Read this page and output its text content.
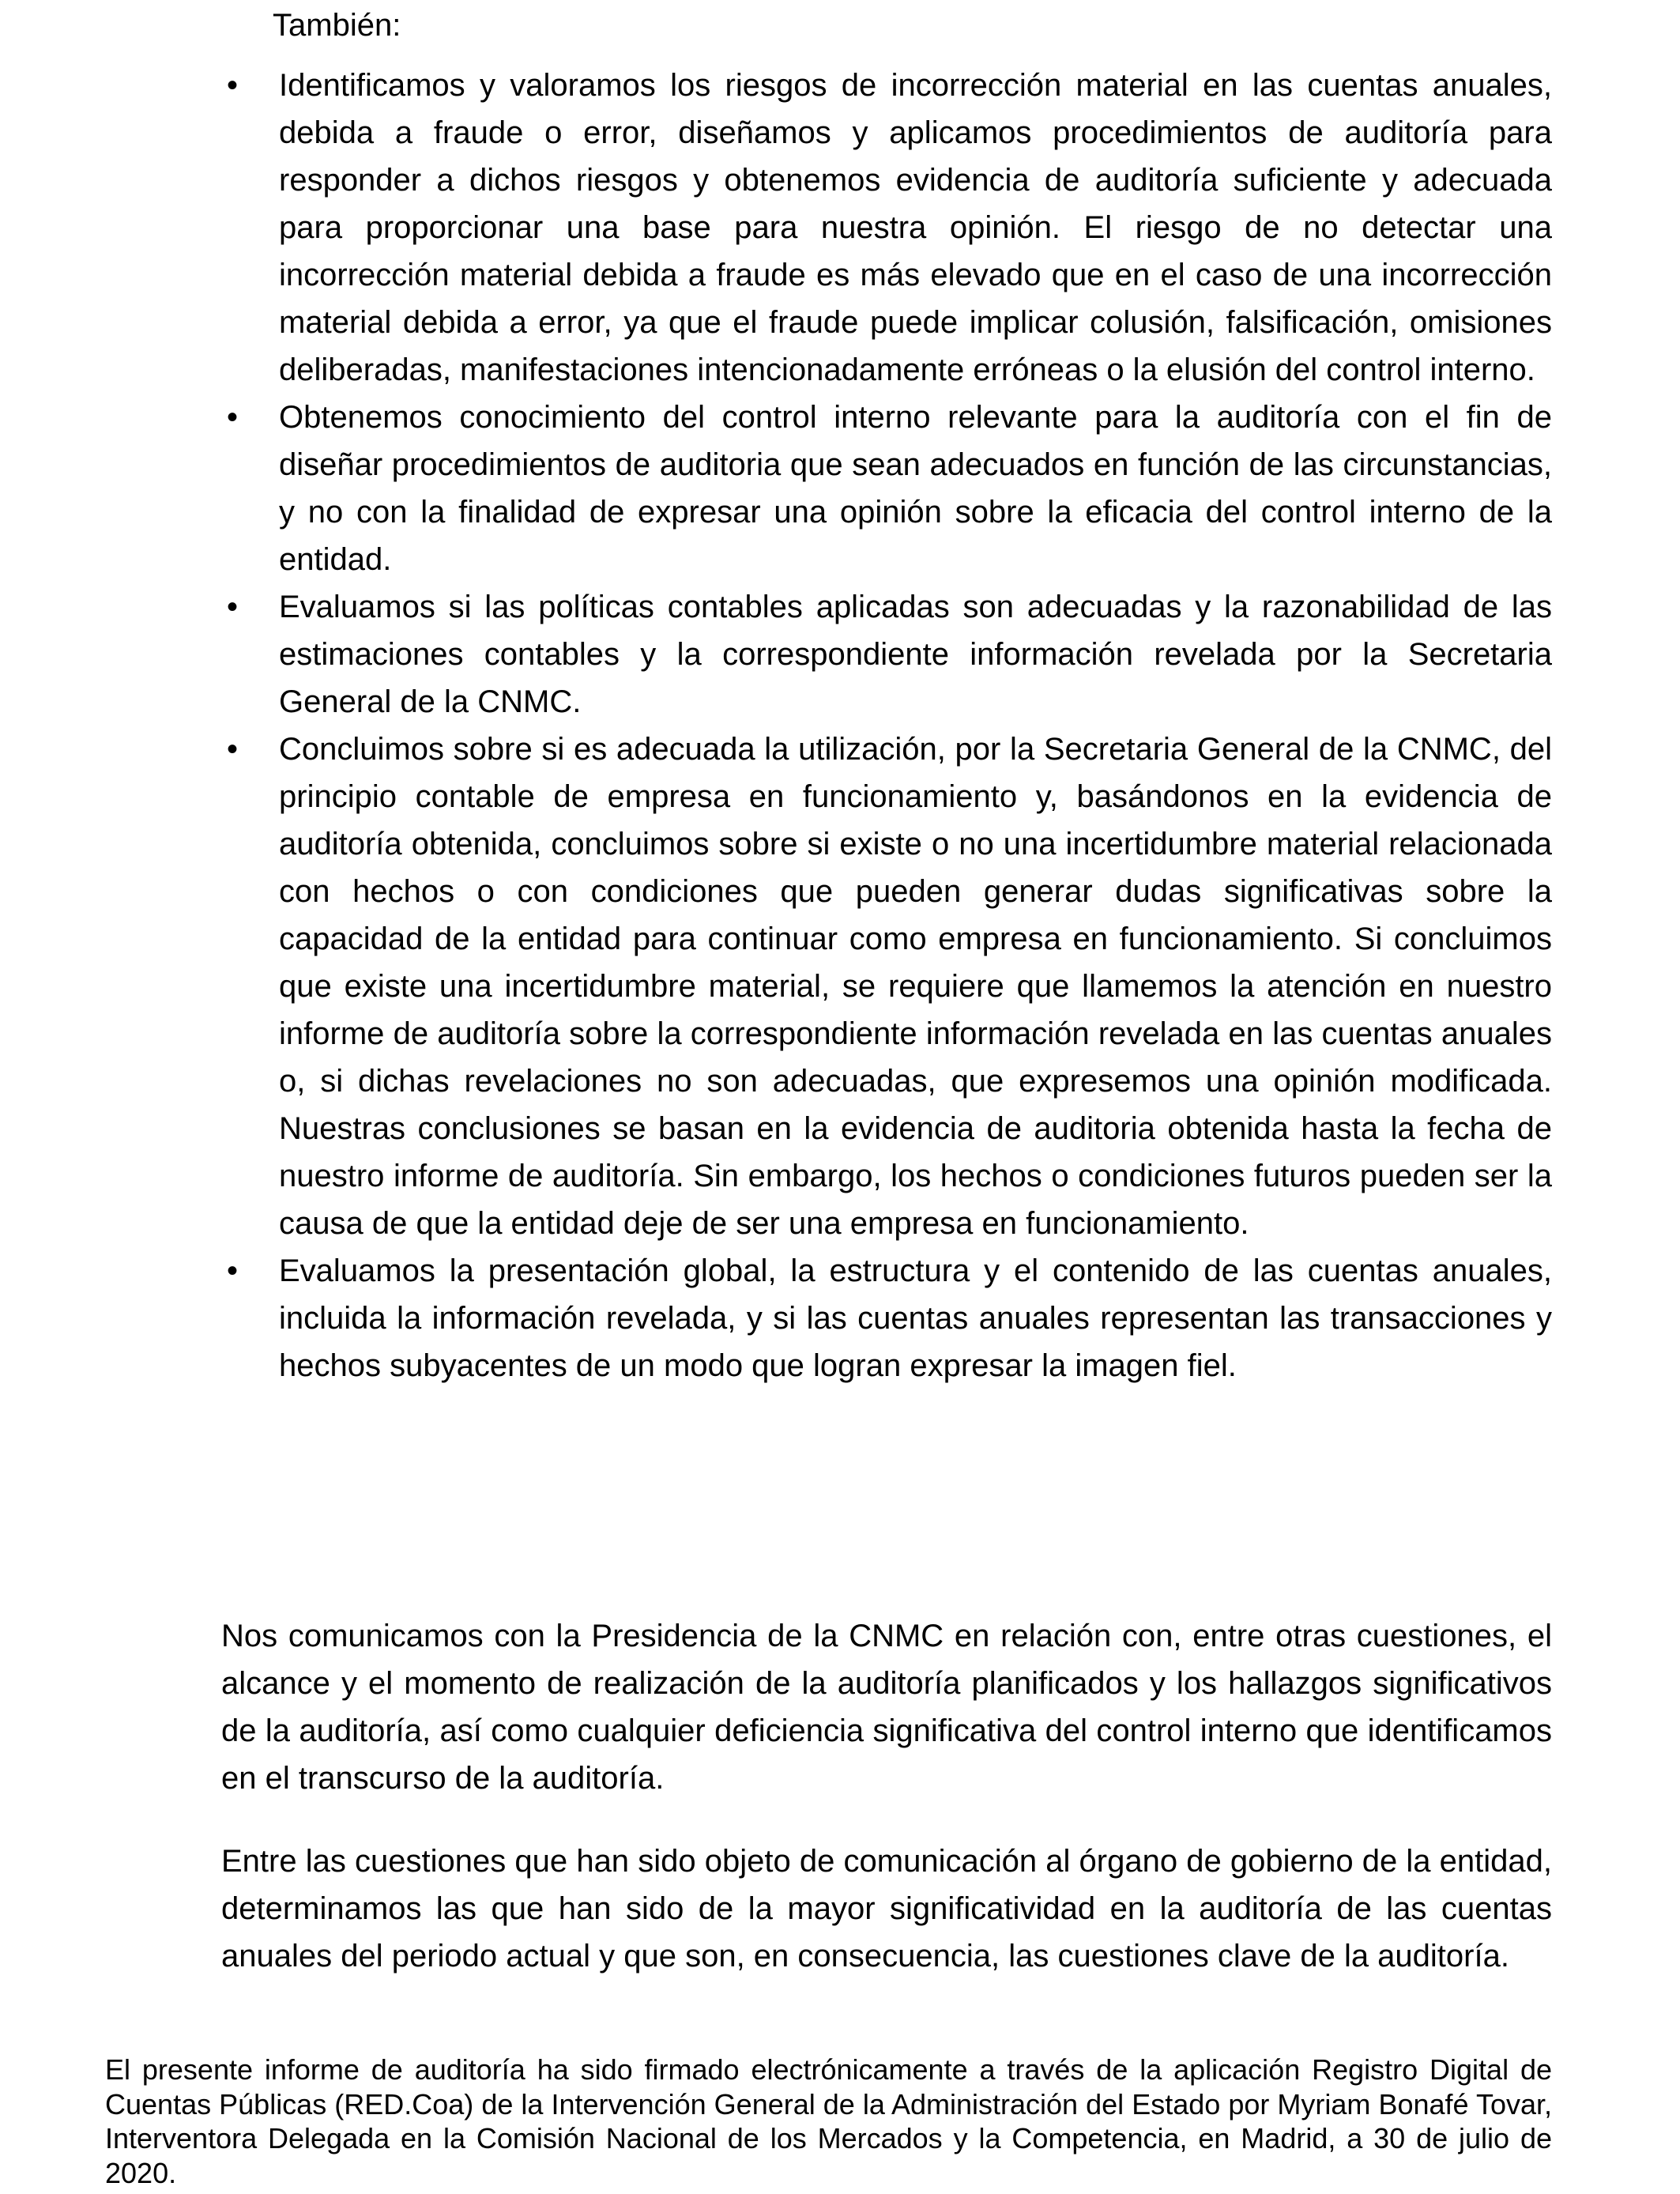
También:

•	Identificamos y valoramos los riesgos de incorrección material en las cuentas anuales, debida a fraude o error, diseñamos y aplicamos procedimientos de auditoría para responder a dichos riesgos y obtenemos evidencia de auditoría suficiente y adecuada para proporcionar una base para nuestra opinión. El riesgo de no detectar una incorrección material debida a fraude es más elevado que en el caso de una incorrección material debida a error, ya que el fraude puede implicar colusión, falsificación, omisiones deliberadas, manifestaciones intencionadamente erróneas o la elusión del control interno.
•	Obtenemos conocimiento del control interno relevante para la auditoría con el fin de diseñar procedimientos de auditoria que sean adecuados en función de las circunstancias, y no con la finalidad de expresar una opinión sobre la eficacia del control interno de la entidad.
•	Evaluamos si las políticas contables aplicadas son adecuadas y la razonabilidad de las estimaciones contables y la correspondiente información revelada por la Secretaria General de la CNMC.
•	Concluimos sobre si es adecuada la utilización, por la Secretaria General de la CNMC, del principio contable de empresa en funcionamiento y, basándonos en la evidencia de auditoría obtenida, concluimos sobre si existe o no una incertidumbre material relacionada con hechos o con condiciones que pueden generar dudas significativas sobre la capacidad de la entidad para continuar como empresa en funcionamiento. Si concluimos que existe una incertidumbre material, se requiere que llamemos la atención en nuestro informe de auditoría sobre la correspondiente información revelada en las cuentas anuales o, si dichas revelaciones no son adecuadas, que expresemos una opinión modificada. Nuestras conclusiones se basan en la evidencia de auditoria obtenida hasta la fecha de nuestro informe de auditoría. Sin embargo, los hechos o condiciones futuros pueden ser la causa de que la entidad deje de ser una empresa en funcionamiento.
•	Evaluamos la presentación global, la estructura y el contenido de las cuentas anuales, incluida la información revelada, y si las cuentas anuales representan las transacciones y hechos subyacentes de un modo que logran expresar la imagen fiel.

Nos comunicamos con la Presidencia de la CNMC en relación con, entre otras cuestiones, el alcance y el momento de realización de la auditoría planificados y los hallazgos significativos de la auditoría, así como cualquier deficiencia significativa del control interno que identificamos en el transcurso de la auditoría.

Entre las cuestiones que han sido objeto de comunicación al órgano de gobierno de la entidad, determinamos las que han sido de la mayor significatividad en la auditoría de las cuentas anuales del periodo actual y que son, en consecuencia, las cuestiones clave de la auditoría.

El presente informe de auditoría ha sido firmado electrónicamente a través de la aplicación Registro Digital de Cuentas Públicas (RED.Coa) de la Intervención General de la Administración del Estado por Myriam Bonafé Tovar, Interventora Delegada en la Comisión Nacional de los Mercados y la Competencia, en Madrid, a 30 de julio de 2020.
